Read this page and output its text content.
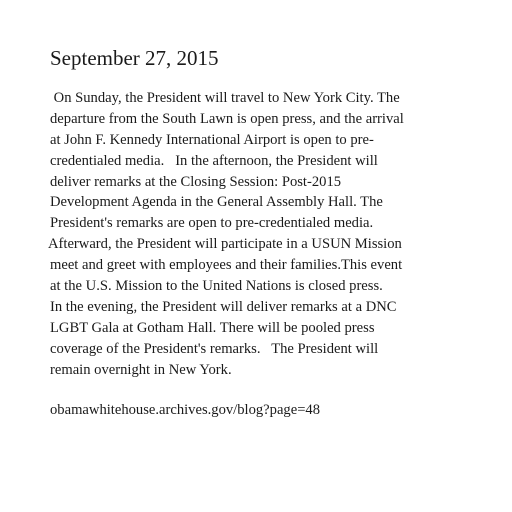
September 27, 2015
On Sunday, the President will travel to New York City. The
departure from the South Lawn is open press, and the arrival
at John F. Kennedy International Airport is open to pre-
credentialed media.   In the afternoon, the President will
deliver remarks at the Closing Session: Post-2015
Development Agenda in the General Assembly Hall. The
President's remarks are open to pre-credentialed media.
Afterward, the President will participate in a USUN Mission
meet and greet with employees and their families.This event
at the U.S. Mission to the United Nations is closed press.
In the evening, the President will deliver remarks at a DNC
LGBT Gala at Gotham Hall. There will be pooled press
coverage of the President's remarks.   The President will
remain overnight in New York.

obamawhitehouse.archives.gov/blog?page=48
